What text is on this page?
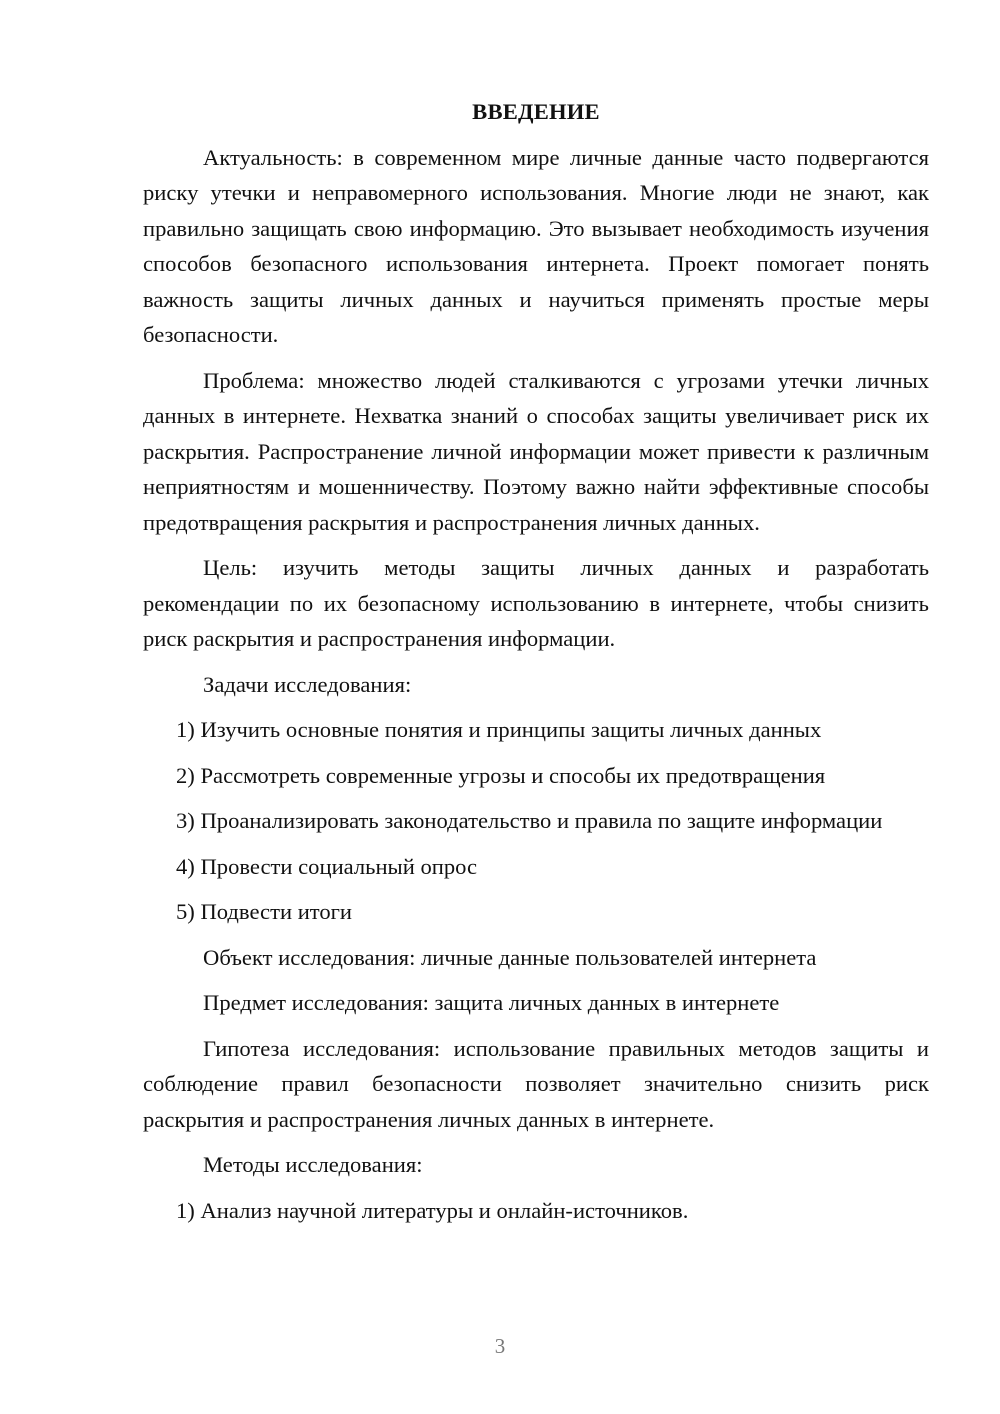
ВВЕДЕНИЕ

Актуальность: в современном мире личные данные часто подвергаются риску утечки и неправомерного использования. Многие люди не знают, как правильно защищать свою информацию. Это вызывает необходимость изучения способов безопасного использования интернета. Проект помогает понять важность защиты личных данных и научиться применять простые меры безопасности.

Проблема: множество людей сталкиваются с угрозами утечки личных данных в интернете. Нехватка знаний о способах защиты увеличивает риск их раскрытия. Распространение личной информации может привести к различным неприятностям и мошенничеству. Поэтому важно найти эффективные способы предотвращения раскрытия и распространения личных данных.

Цель: изучить методы защиты личных данных и разработать рекомендации по их безопасному использованию в интернете, чтобы снизить риск раскрытия и распространения информации.

Задачи исследования:

1) Изучить основные понятия и принципы защиты личных данных

2) Рассмотреть современные угрозы и способы их предотвращения

3) Проанализировать законодательство и правила по защите информации

4) Провести социальный опрос

5) Подвести итоги

Объект исследования: личные данные пользователей интернета

Предмет исследования: защита личных данных в интернете

Гипотеза исследования: использование правильных методов защиты и соблюдение правил безопасности позволяет значительно снизить риск раскрытия и распространения личных данных в интернете.

Методы исследования:

1) Анализ научной литературы и онлайн-источников.

3
